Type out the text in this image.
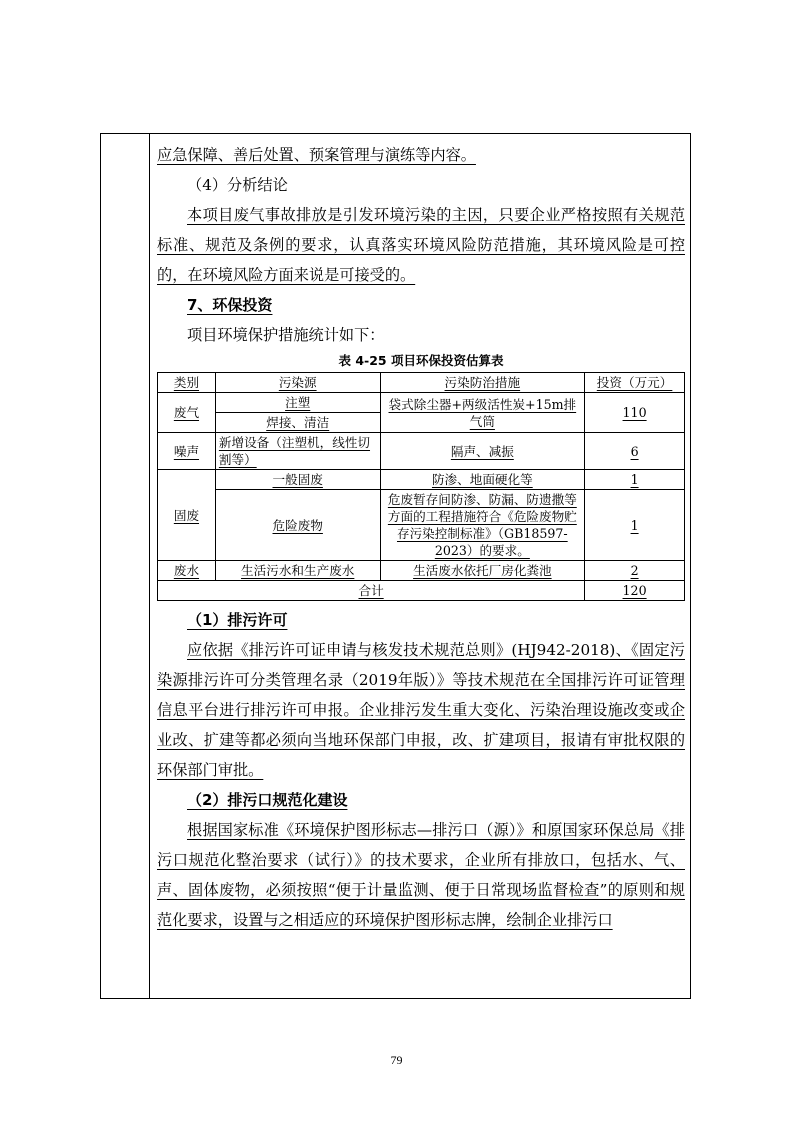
应急保障、善后处置、预案管理与演练等内容。

（4）分析结论

本项目废气事故排放是引发环境污染的主因，只要企业严格按照有关规范标准、规范及条例的要求，认真落实环境风险防范措施，其环境风险是可控的，在环境风险方面来说是可接受的。

7、环保投资

项目环境保护措施统计如下：

表 4-25 项目环保投资估算表
类别	污染源	污染防治措施	投资（万元）
废气	注塑	袋式除尘器+两级活性炭+15m排气筒	110
	焊接、清洁		
噪声	新增设备（注塑机，线性切割等）	隔声、减振	6
固废	一般固废	防渗、地面硬化等	1
	危险废物	危废暂存间防渗、防漏、防遗撒等方面的工程措施符合《危险废物贮存污染控制标准》（GB18597-2023）的要求。	1
废水	生活污水和生产废水	生活废水依托厂房化粪池	2
合计			120

（1）排污许可

应依据《排污许可证申请与核发技术规范总则》(HJ942-2018)、《固定污染源排污许可分类管理名录（2019年版）》等技术规范在全国排污许可证管理信息平台进行排污许可申报。企业排污发生重大变化、污染治理设施改变或企业改、扩建等都必须向当地环保部门申报，改、扩建项目，报请有审批权限的环保部门审批。

（2）排污口规范化建设

根据国家标准《环境保护图形标志—排污口（源）》和原国家环保总局《排污口规范化整治要求（试行）》的技术要求，企业所有排放口，包括水、气、声、固体废物，必须按照“便于计量监测、便于日常现场监督检查”的原则和规范化要求，设置与之相适应的环境保护图形标志牌，绘制企业排污口

79
